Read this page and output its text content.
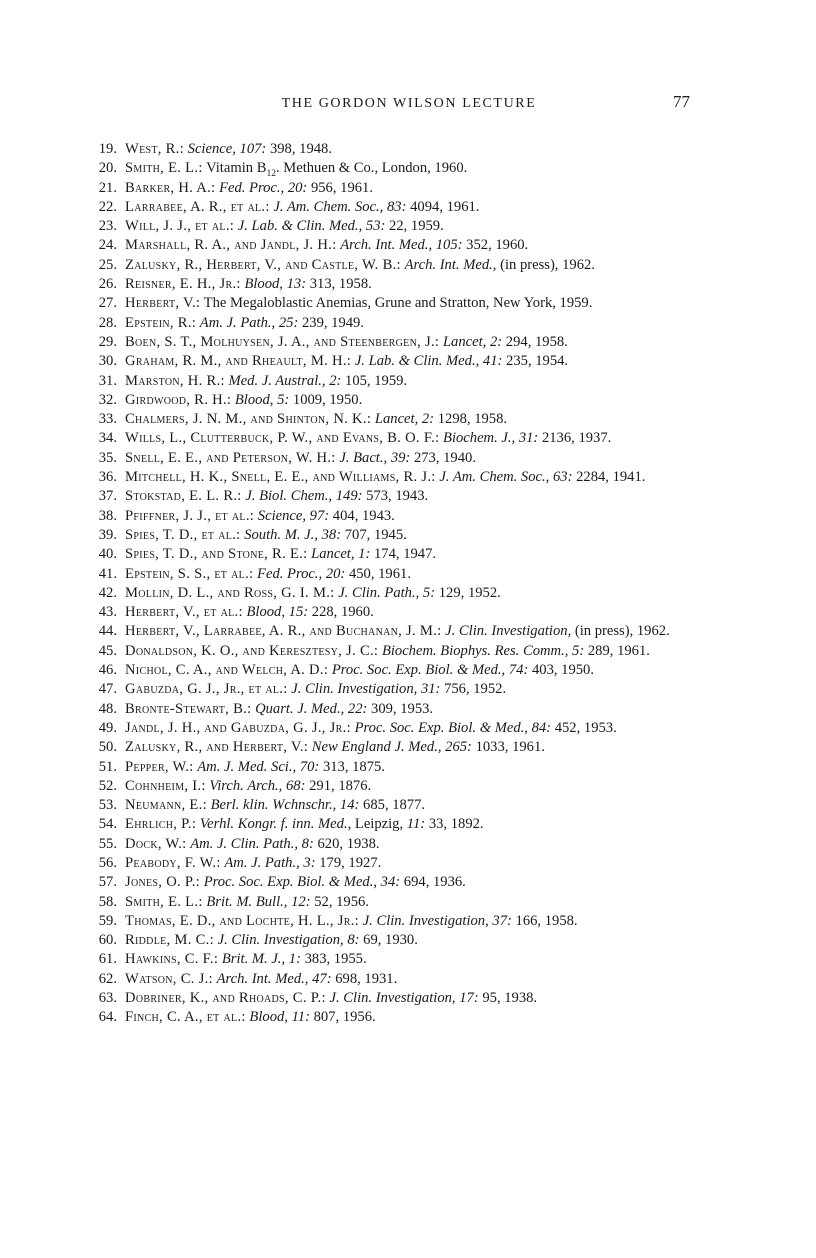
THE GORDON WILSON LECTURE	77
19. West, R.: Science, 107: 398, 1948.
20. Smith, E. L.: Vitamin $B_{12}$. Methuen & Co., London, 1960.
21. Barker, H. A.: Fed. Proc., 20: 956, 1961.
22. Larrabee, A. R., et al.: J. Am. Chem. Soc., 83: 4094, 1961.
23. Will, J. J., et al.: J. Lab. & Clin. Med., 53: 22, 1959.
24. Marshall, R. A., and Jandl, J. H.: Arch. Int. Med., 105: 352, 1960.
25. Zalusky, R., Herbert, V., and Castle, W. B.: Arch. Int. Med., (in press), 1962.
26. Reisner, E. H., Jr.: Blood, 13: 313, 1958.
27. Herbert, V.: The Megaloblastic Anemias, Grune and Stratton, New York, 1959.
28. Epstein, R.: Am. J. Path., 25: 239, 1949.
29. Boen, S. T., Molhuysen, J. A., and Steenbergen, J.: Lancet, 2: 294, 1958.
30. Graham, R. M., and Rheault, M. H.: J. Lab. & Clin. Med., 41: 235, 1954.
31. Marston, H. R.: Med. J. Austral., 2: 105, 1959.
32. Girdwood, R. H.: Blood, 5: 1009, 1950.
33. Chalmers, J. N. M., and Shinton, N. K.: Lancet, 2: 1298, 1958.
34. Wills, L., Clutterbuck, P. W., and Evans, B. O. F.: Biochem. J., 31: 2136, 1937.
35. Snell, E. E., and Peterson, W. H.: J. Bact., 39: 273, 1940.
36. Mitchell, H. K., Snell, E. E., and Williams, R. J.: J. Am. Chem. Soc., 63: 2284, 1941.
37. Stokstad, E. L. R.: J. Biol. Chem., 149: 573, 1943.
38. Pfiffner, J. J., et al.: Science, 97: 404, 1943.
39. Spies, T. D., et al.: South. M. J., 38: 707, 1945.
40. Spies, T. D., and Stone, R. E.: Lancet, 1: 174, 1947.
41. Epstein, S. S., et al.: Fed. Proc., 20: 450, 1961.
42. Mollin, D. L., and Ross, G. I. M.: J. Clin. Path., 5: 129, 1952.
43. Herbert, V., et al.: Blood, 15: 228, 1960.
44. Herbert, V., Larrabee, A. R., and Buchanan, J. M.: J. Clin. Investigation, (in press), 1962.
45. Donaldson, K. O., and Keresztesy, J. C.: Biochem. Biophys. Res. Comm., 5: 289, 1961.
46. Nichol, C. A., and Welch, A. D.: Proc. Soc. Exp. Biol. & Med., 74: 403, 1950.
47. Gabuzda, G. J., Jr., et al.: J. Clin. Investigation, 31: 756, 1952.
48. Bronte-Stewart, B.: Quart. J. Med., 22: 309, 1953.
49. Jandl, J. H., and Gabuzda, G. J., Jr.: Proc. Soc. Exp. Biol. & Med., 84: 452, 1953.
50. Zalusky, R., and Herbert, V.: New England J. Med., 265: 1033, 1961.
51. Pepper, W.: Am. J. Med. Sci., 70: 313, 1875.
52. Cohnheim, I.: Virch. Arch., 68: 291, 1876.
53. Neumann, E.: Berl. klin. Wchnschr., 14: 685, 1877.
54. Ehrlich, P.: Verhl. Kongr. f. inn. Med., Leipzig, 11: 33, 1892.
55. Dock, W.: Am. J. Clin. Path., 8: 620, 1938.
56. Peabody, F. W.: Am. J. Path., 3: 179, 1927.
57. Jones, O. P.: Proc. Soc. Exp. Biol. & Med., 34: 694, 1936.
58. Smith, E. L.: Brit. M. Bull., 12: 52, 1956.
59. Thomas, E. D., and Lochte, H. L., Jr.: J. Clin. Investigation, 37: 166, 1958.
60. Riddle, M. C.: J. Clin. Investigation, 8: 69, 1930.
61. Hawkins, C. F.: Brit. M. J., 1: 383, 1955.
62. Watson, C. J.: Arch. Int. Med., 47: 698, 1931.
63. Dobriner, K., and Rhoads, C. P.: J. Clin. Investigation, 17: 95, 1938.
64. Finch, C. A., et al.: Blood, 11: 807, 1956.
